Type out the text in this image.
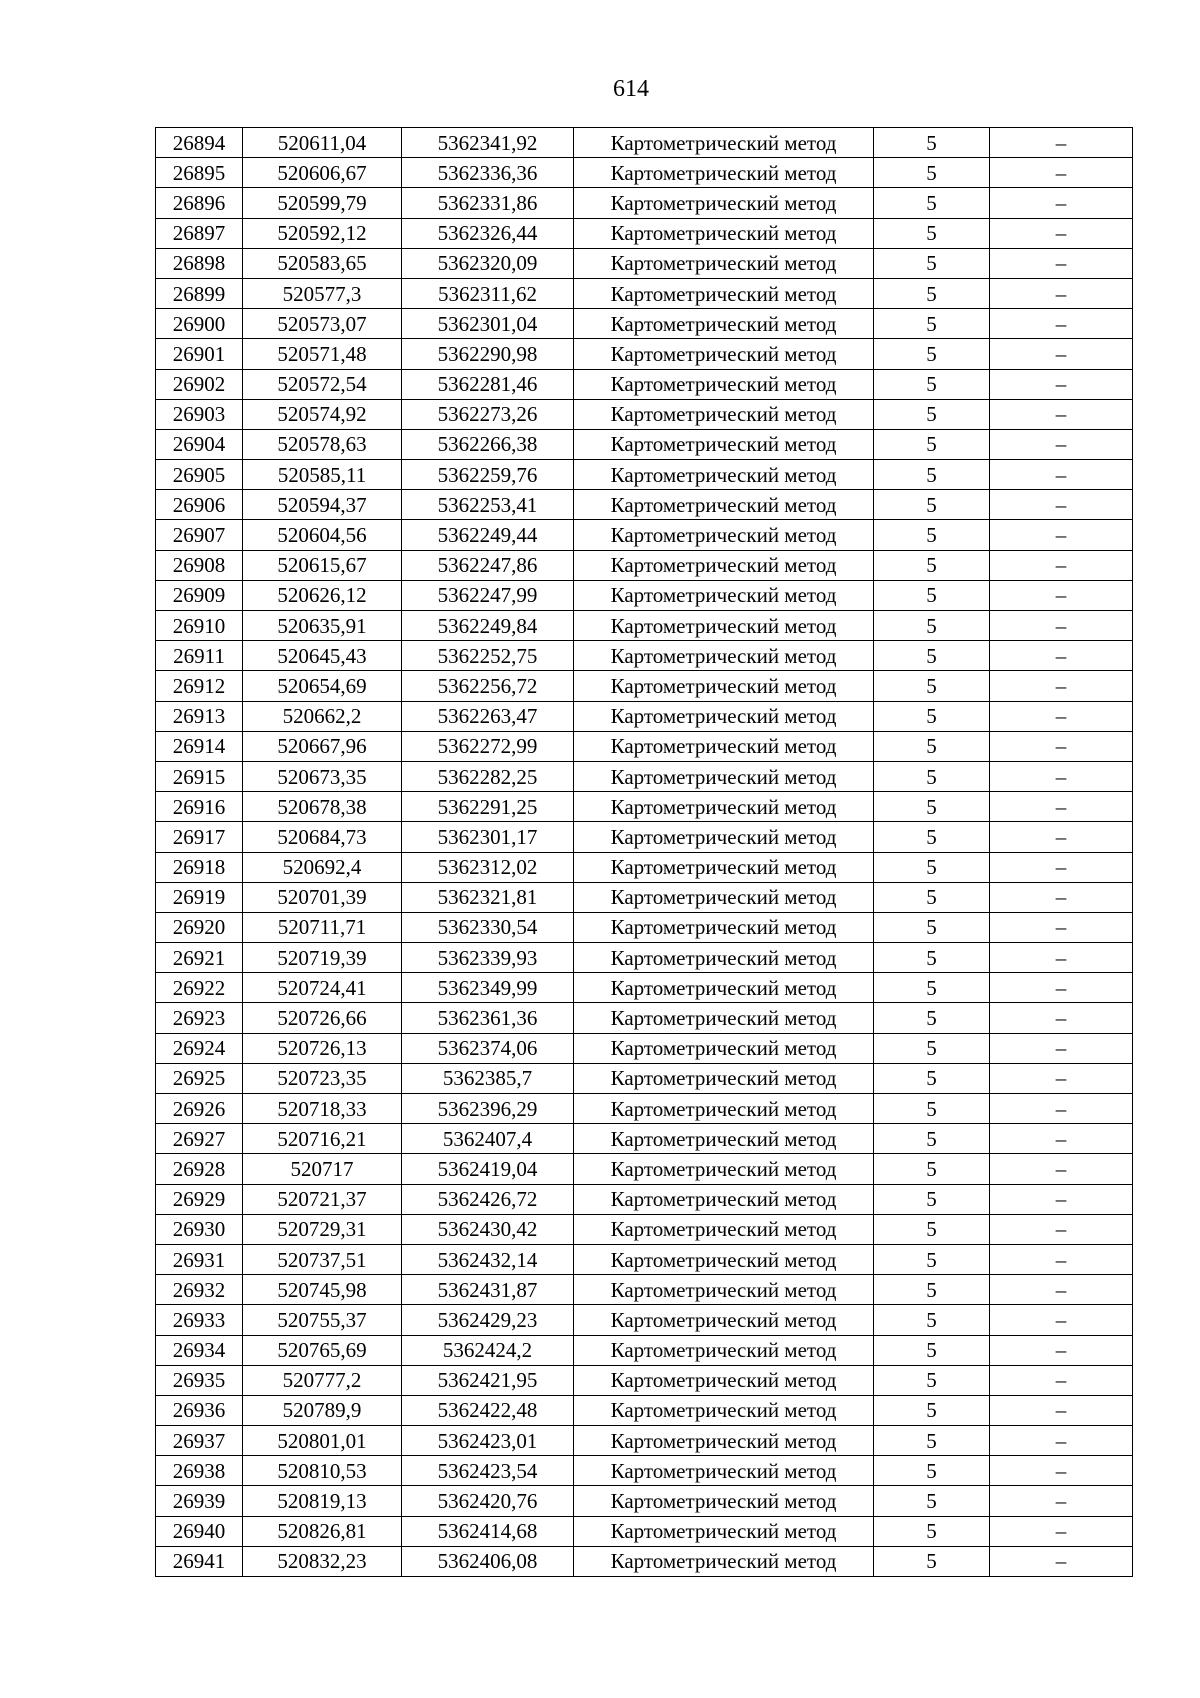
614
26894	520611,04	5362341,92	Картометрический метод	5	–
26895	520606,67	5362336,36	Картометрический метод	5	–
26896	520599,79	5362331,86	Картометрический метод	5	–
26897	520592,12	5362326,44	Картометрический метод	5	–
26898	520583,65	5362320,09	Картометрический метод	5	–
26899	520577,3	5362311,62	Картометрический метод	5	–
26900	520573,07	5362301,04	Картометрический метод	5	–
26901	520571,48	5362290,98	Картометрический метод	5	–
26902	520572,54	5362281,46	Картометрический метод	5	–
26903	520574,92	5362273,26	Картометрический метод	5	–
26904	520578,63	5362266,38	Картометрический метод	5	–
26905	520585,11	5362259,76	Картометрический метод	5	–
26906	520594,37	5362253,41	Картометрический метод	5	–
26907	520604,56	5362249,44	Картометрический метод	5	–
26908	520615,67	5362247,86	Картометрический метод	5	–
26909	520626,12	5362247,99	Картометрический метод	5	–
26910	520635,91	5362249,84	Картометрический метод	5	–
26911	520645,43	5362252,75	Картометрический метод	5	–
26912	520654,69	5362256,72	Картометрический метод	5	–
26913	520662,2	5362263,47	Картометрический метод	5	–
26914	520667,96	5362272,99	Картометрический метод	5	–
26915	520673,35	5362282,25	Картометрический метод	5	–
26916	520678,38	5362291,25	Картометрический метод	5	–
26917	520684,73	5362301,17	Картометрический метод	5	–
26918	520692,4	5362312,02	Картометрический метод	5	–
26919	520701,39	5362321,81	Картометрический метод	5	–
26920	520711,71	5362330,54	Картометрический метод	5	–
26921	520719,39	5362339,93	Картометрический метод	5	–
26922	520724,41	5362349,99	Картометрический метод	5	–
26923	520726,66	5362361,36	Картометрический метод	5	–
26924	520726,13	5362374,06	Картометрический метод	5	–
26925	520723,35	5362385,7	Картометрический метод	5	–
26926	520718,33	5362396,29	Картометрический метод	5	–
26927	520716,21	5362407,4	Картометрический метод	5	–
26928	520717	5362419,04	Картометрический метод	5	–
26929	520721,37	5362426,72	Картометрический метод	5	–
26930	520729,31	5362430,42	Картометрический метод	5	–
26931	520737,51	5362432,14	Картометрический метод	5	–
26932	520745,98	5362431,87	Картометрический метод	5	–
26933	520755,37	5362429,23	Картометрический метод	5	–
26934	520765,69	5362424,2	Картометрический метод	5	–
26935	520777,2	5362421,95	Картометрический метод	5	–
26936	520789,9	5362422,48	Картометрический метод	5	–
26937	520801,01	5362423,01	Картометрический метод	5	–
26938	520810,53	5362423,54	Картометрический метод	5	–
26939	520819,13	5362420,76	Картометрический метод	5	–
26940	520826,81	5362414,68	Картометрический метод	5	–
26941	520832,23	5362406,08	Картометрический метод	5	–
